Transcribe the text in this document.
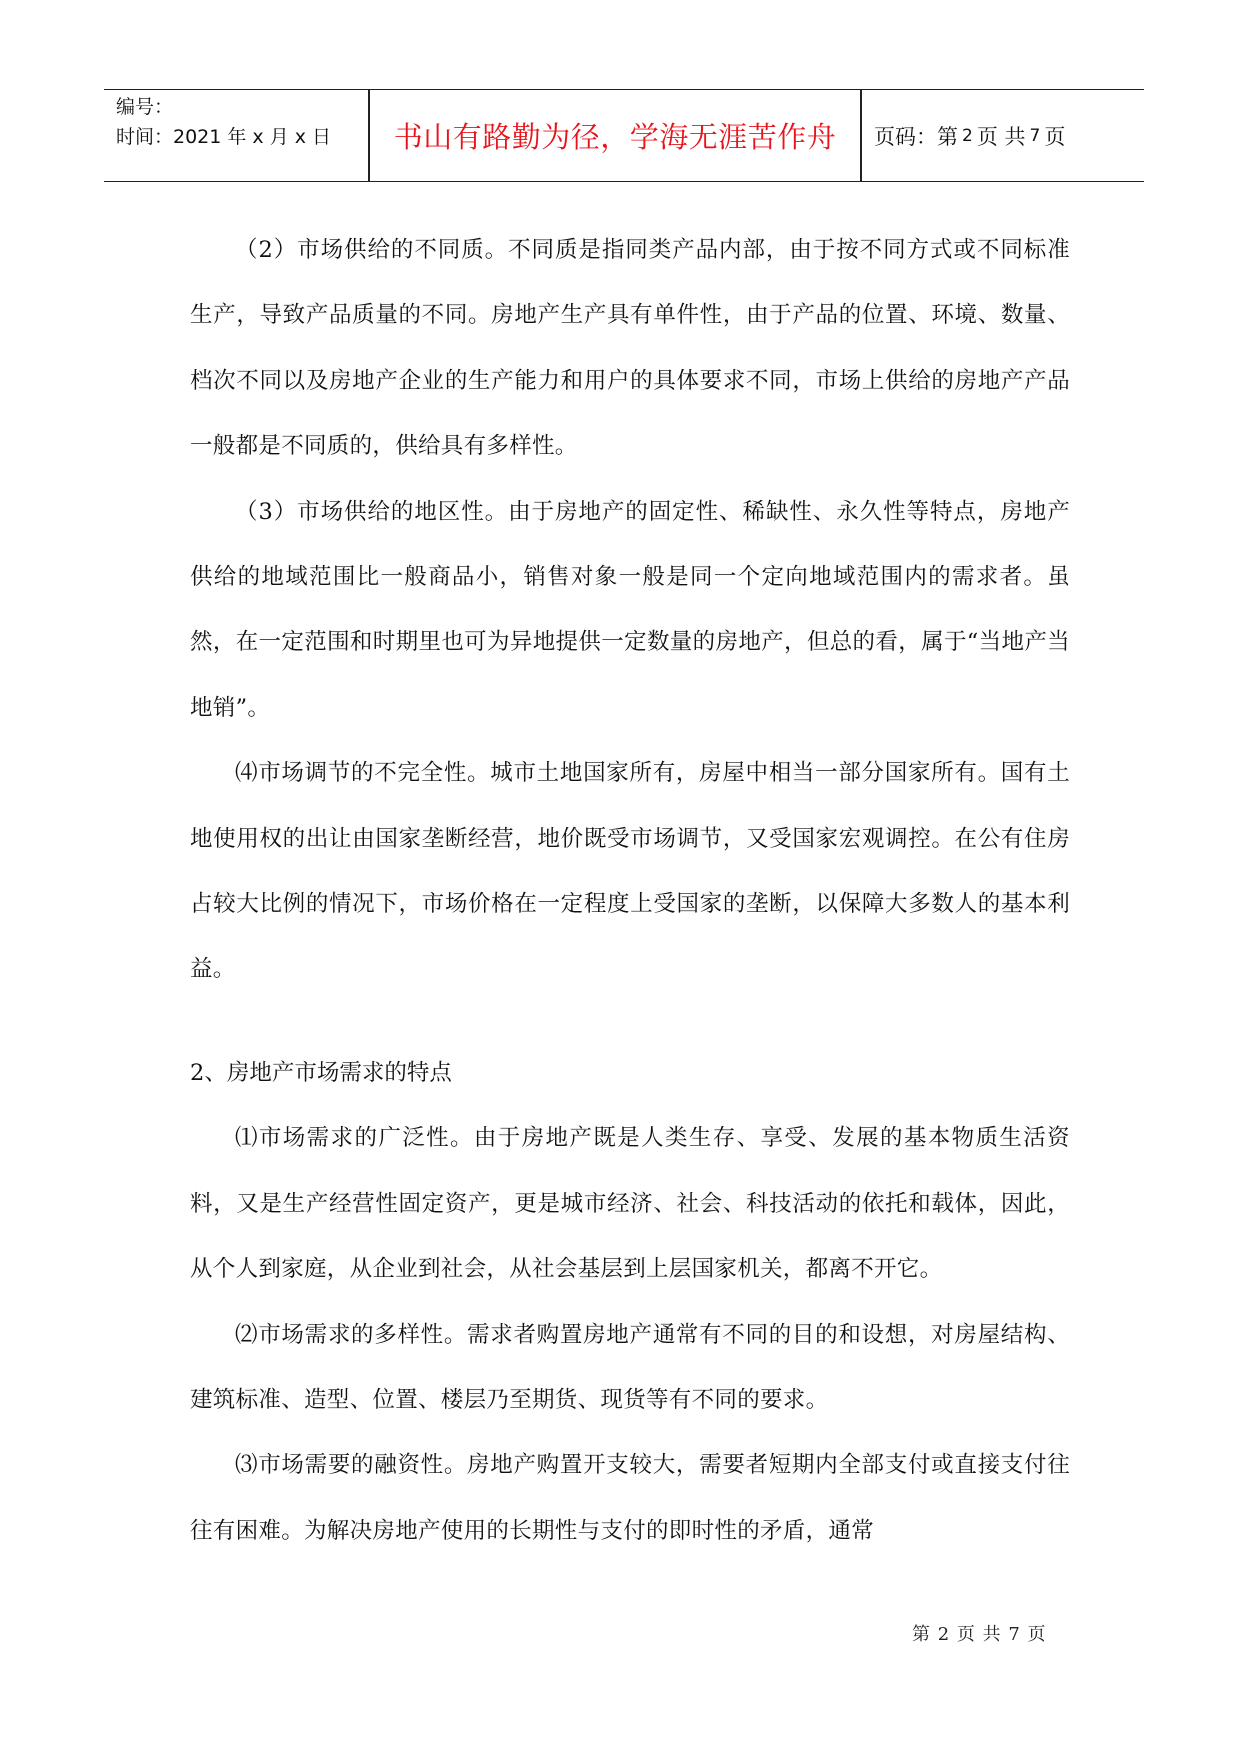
编号：
时间：2021 年 x 月 x 日	书山有路勤为径，学海无涯苦作舟	页码：第 2 页 共 7 页

（2）市场供给的不同质。不同质是指同类产品内部，由于按不同方式或不同标准生产，导致产品质量的不同。房地产生产具有单件性，由于产品的位置、环境、数量、档次不同以及房地产企业的生产能力和用户的具体要求不同，市场上供给的房地产产品一般都是不同质的，供给具有多样性。

（3）市场供给的地区性。由于房地产的固定性、稀缺性、永久性等特点，房地产供给的地域范围比一般商品小，销售对象一般是同一个定向地域范围内的需求者。虽然，在一定范围和时期里也可为异地提供一定数量的房地产，但总的看，属于“当地产当地销”。

⑷市场调节的不完全性。城市土地国家所有，房屋中相当一部分国家所有。国有土地使用权的出让由国家垄断经营，地价既受市场调节，又受国家宏观调控。在公有住房占较大比例的情况下，市场价格在一定程度上受国家的垄断，以保障大多数人的基本利益。

2、房地产市场需求的特点

⑴市场需求的广泛性。由于房地产既是人类生存、享受、发展的基本物质生活资料，又是生产经营性固定资产，更是城市经济、社会、科技活动的依托和载体，因此，从个人到家庭，从企业到社会，从社会基层到上层国家机关，都离不开它。

⑵市场需求的多样性。需求者购置房地产通常有不同的目的和设想，对房屋结构、建筑标准、造型、位置、楼层乃至期货、现货等有不同的要求。

⑶市场需要的融资性。房地产购置开支较大，需要者短期内全部支付或直接支付往往有困难。为解决房地产使用的长期性与支付的即时性的矛盾，通常

第 2 页 共 7 页
